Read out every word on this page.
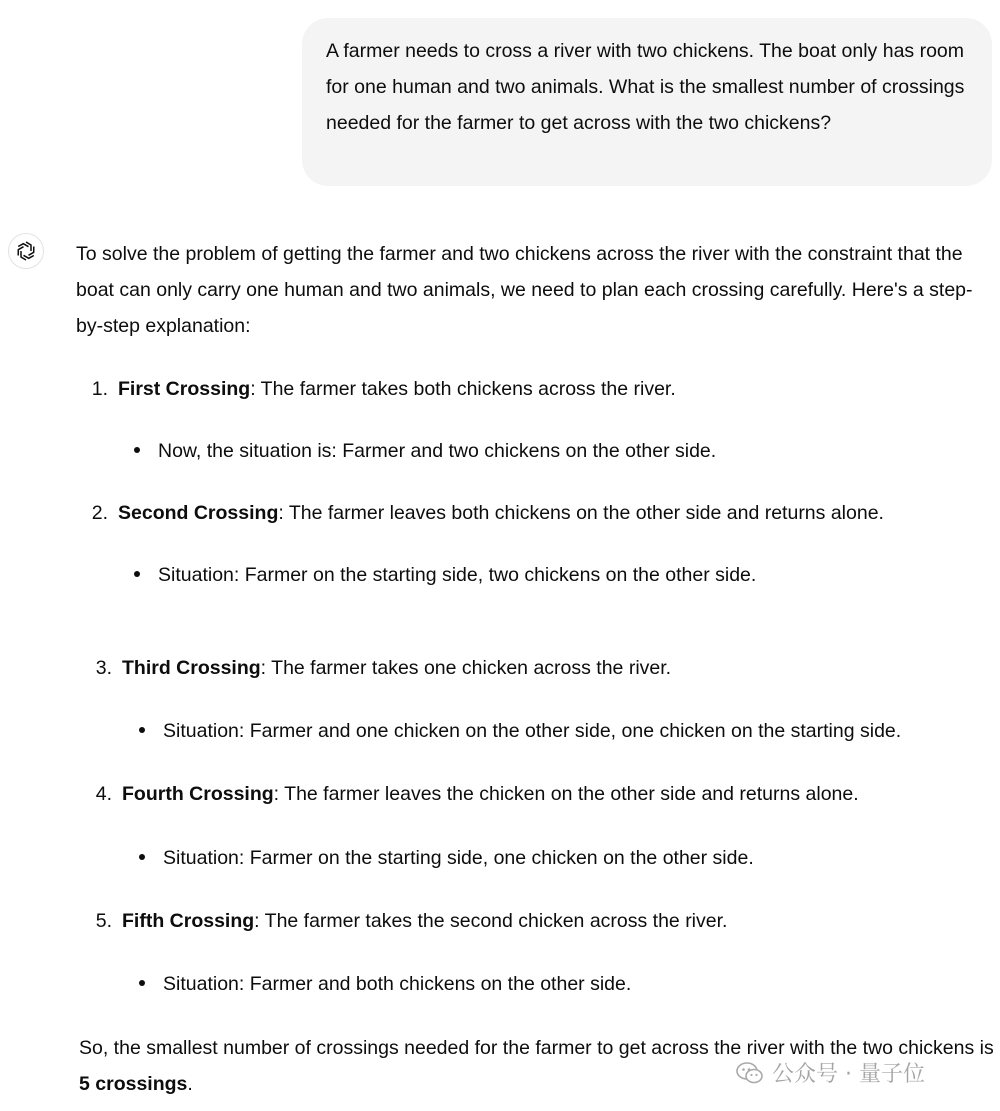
A farmer needs to cross a river with two chickens. The boat only has room for one human and two animals. What is the smallest number of crossings needed for the farmer to get across with the two chickens?

To solve the problem of getting the farmer and two chickens across the river with the constraint that the boat can only carry one human and two animals, we need to plan each crossing carefully. Here's a step-by-step explanation:

1. First Crossing: The farmer takes both chickens across the river.
Now, the situation is: Farmer and two chickens on the other side.
2. Second Crossing: The farmer leaves both chickens on the other side and returns alone.
Situation: Farmer on the starting side, two chickens on the other side.
3. Third Crossing: The farmer takes one chicken across the river.
Situation: Farmer and one chicken on the other side, one chicken on the starting side.
4. Fourth Crossing: The farmer leaves the chicken on the other side and returns alone.
Situation: Farmer on the starting side, one chicken on the other side.
5. Fifth Crossing: The farmer takes the second chicken across the river.
Situation: Farmer and both chickens on the other side.
So, the smallest number of crossings needed for the farmer to get across the river with the two chickens is 5 crossings.	公众号 · 量子位
